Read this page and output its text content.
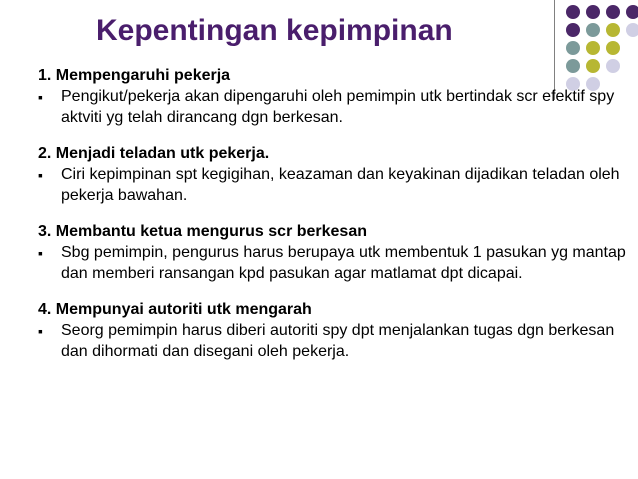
Kepentingan kepimpinan
1. Mempengaruhi pekerja
▪	Pengikut/pekerja akan dipengaruhi oleh pemimpin utk bertindak scr efektif spy aktviti yg telah dirancang dgn berkesan.
2. Menjadi teladan utk pekerja.
▪	Ciri kepimpinan spt kegigihan, keazaman dan keyakinan dijadikan teladan oleh pekerja bawahan.
3. Membantu ketua mengurus scr berkesan
▪	Sbg pemimpin, pengurus harus berupaya utk membentuk 1 pasukan yg mantap dan memberi ransangan kpd pasukan agar matlamat dpt dicapai.
4. Mempunyai autoriti utk mengarah
▪	Seorg pemimpin harus diberi autoriti spy dpt menjalankan tugas dgn berkesan dan dihormati dan disegani oleh pekerja.
